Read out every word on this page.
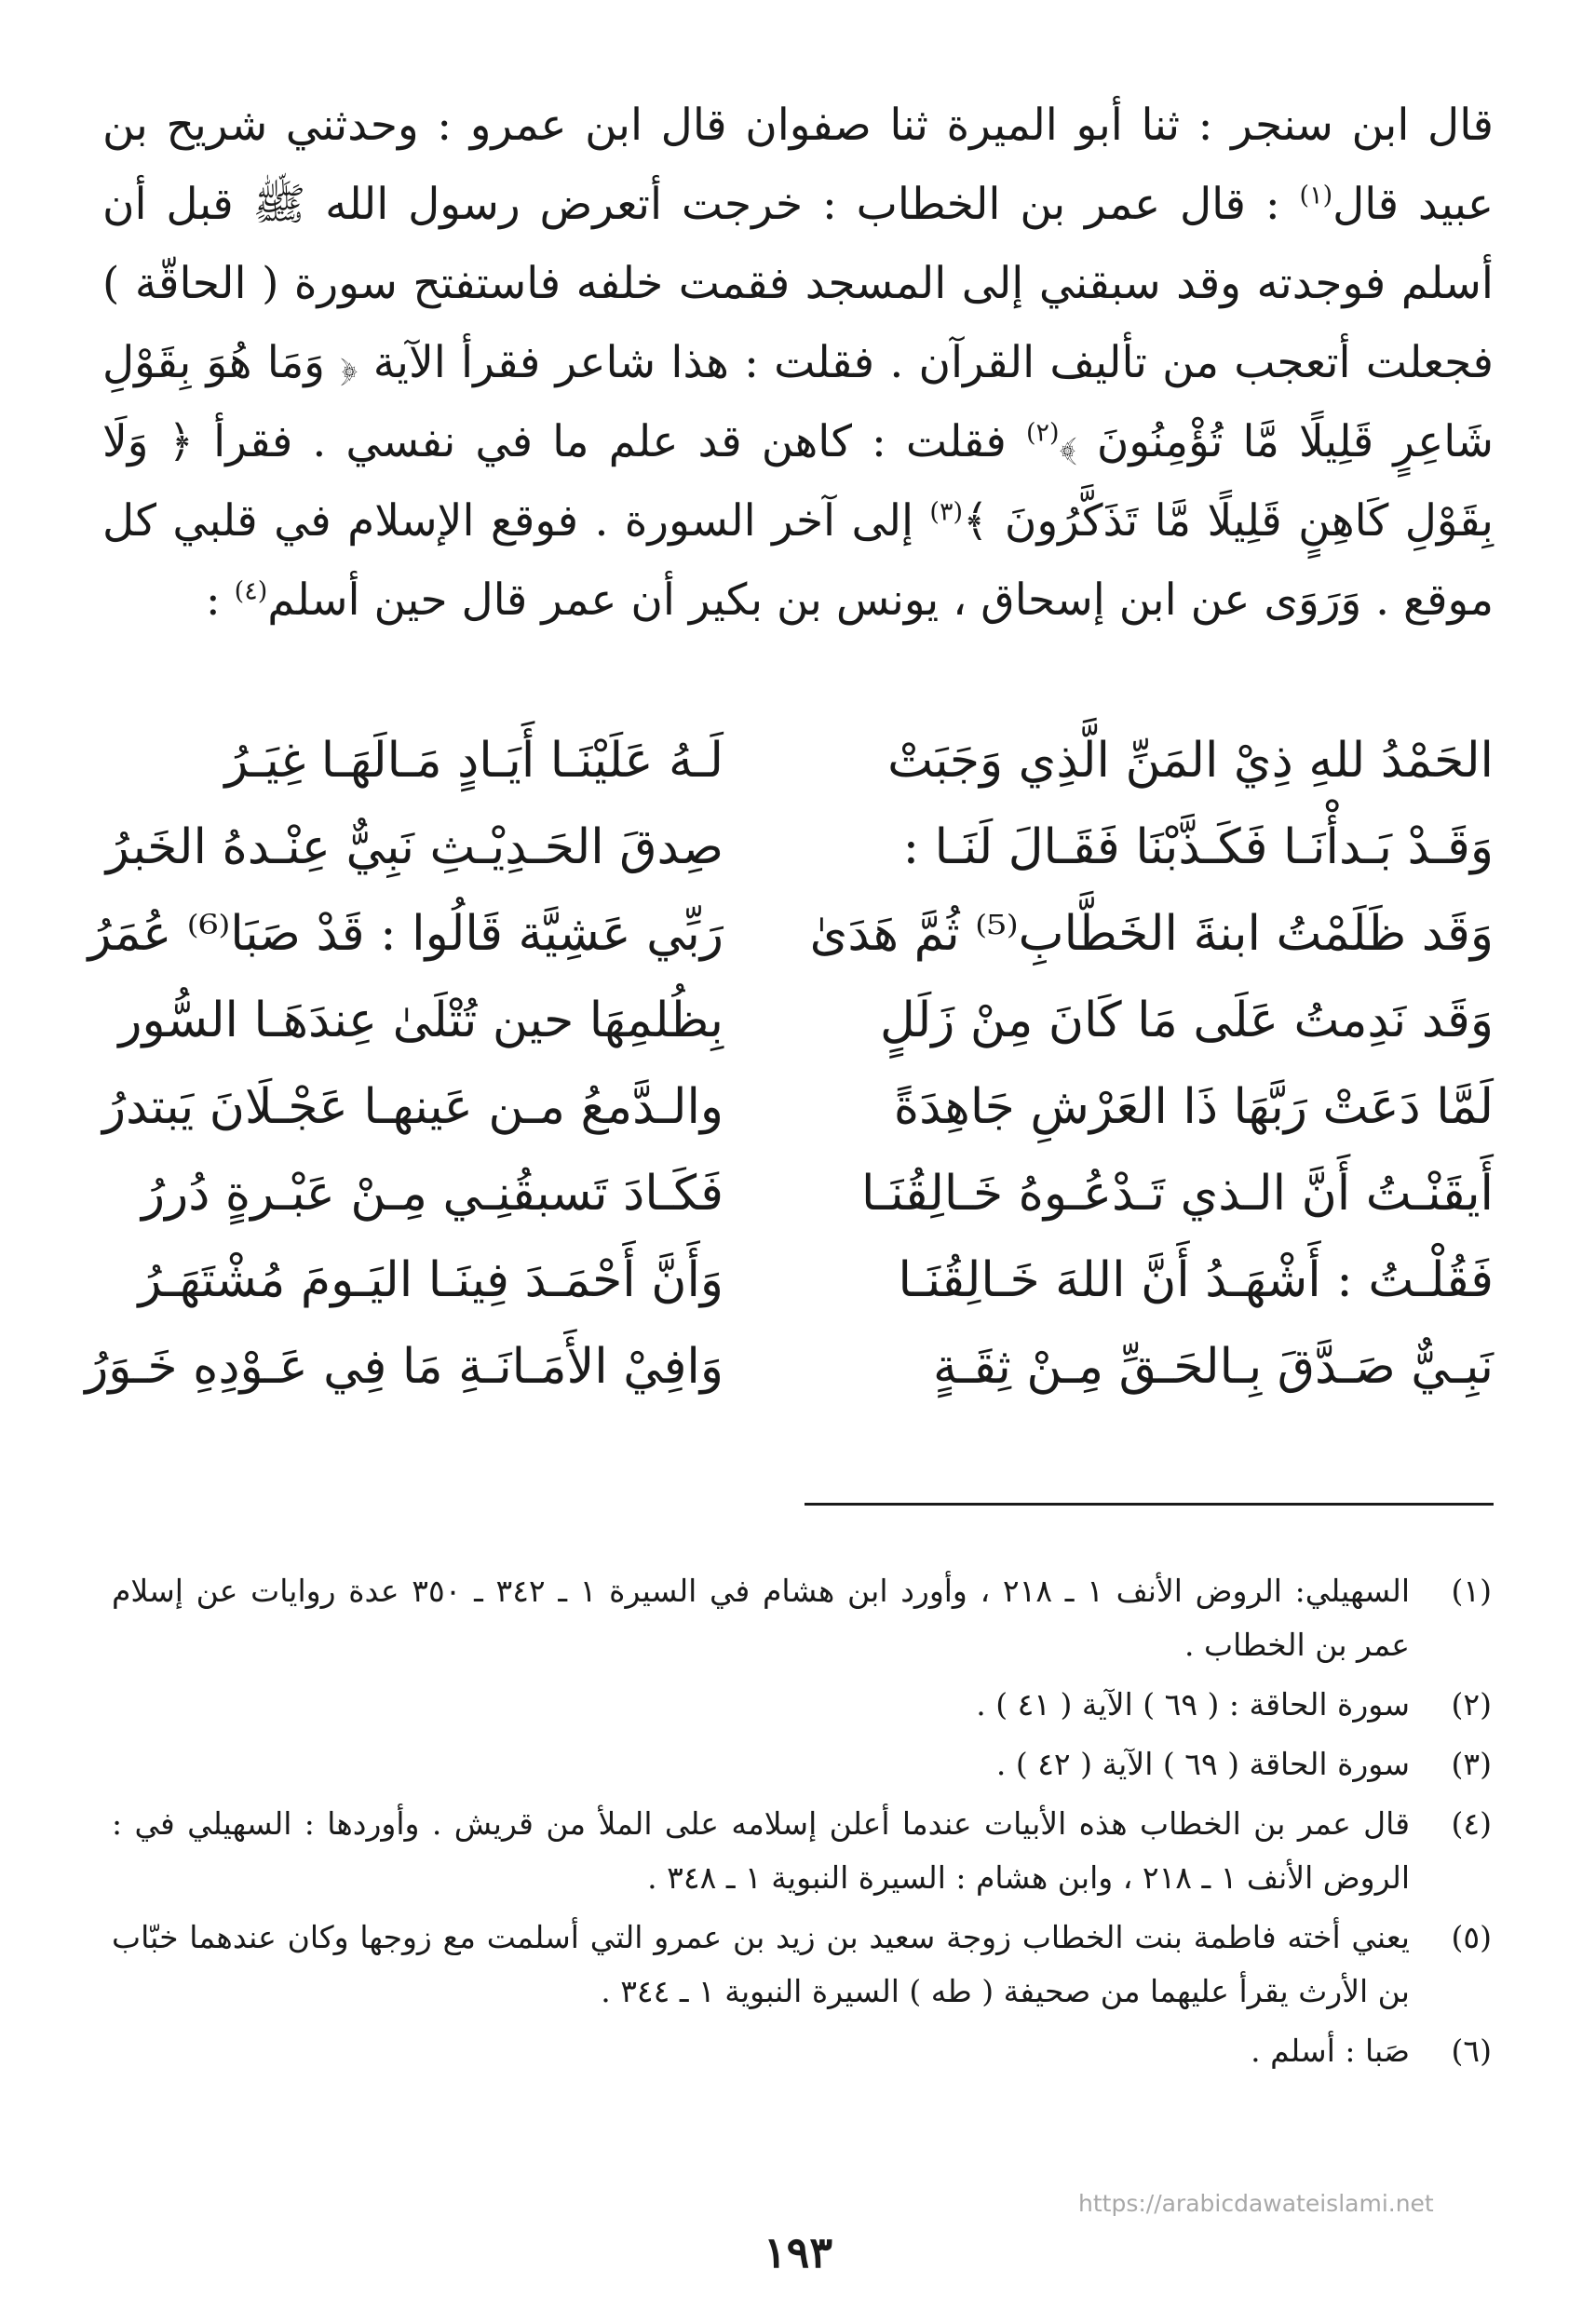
قال ابن سنجر : ثنا أبو الميرة ثنا صفوان قال ابن عمرو : وحدثني شريح بن عبيد قال$^{(١)}$ : قال عمر بن الخطاب : خرجت أتعرض رسول الله ﷺ قبل أن أسلم فوجدته وقد سبقني إلى المسجد فقمت خلفه فاستفتح سورة ( الحاقّة ) فجعلت أتعجب من تأليف القرآن . فقلت : هذا شاعر فقرأ الآية ﴿ وَمَا هُوَ بِقَوْلِ شَاعِرٍ قَلِيلًا مَّا تُؤْمِنُونَ ﴾$^{(٢)}$ فقلت : كاهن قد علم ما في نفسي . فقرأ ﴿ وَلَا بِقَوْلِ كَاهِنٍ قَلِيلًا مَّا تَذَكَّرُونَ ﴾$^{(٣)}$ إلى آخر السورة . فوقع الإسلام في قلبي كل موقع . وَرَوَى عن ابن إسحاق ، يونس بن بكير أن عمر قال حين أسلم$^{(٤)}$ :

الحَمْدُ للهِ ذِيْ المَنِّ الَّذِي وَجَبَتْ
لَـهُ عَلَيْنَـا أَيَـادٍ مَـالَهَـا غِيَـرُ
وَقَـدْ بَـدأْنَـا فَكَـذَّبْنَا فَقَـالَ لَنَـا :
صِدقَ الحَـدِيْـثِ نَبِيٌّ عِنْـدهُ الخَبرُ
وَقَد ظَلَمْتُ ابنةَ الخَطَّابِ⁽⁵⁾ ثُمَّ هَدَىٰ
رَبِّي عَشِيَّة قَالُوا : قَدْ صَبَا⁽⁶⁾ عُمَرُ
وَقَد نَدِمتُ عَلَى مَا كَانَ مِنْ زَلَلٍ
بِظُلمِهَا حين تُتْلَىٰ عِندَهَـا السُّور
لَمَّا دَعَتْ رَبَّهَا ذَا العَرْشِ جَاهِدَةً
والـدَّمعُ مـن عَينهـا عَجْـلَانَ يَبتدرُ
أَيقَنْـتُ أَنَّ الـذي تَـدْعُـوهُ خَـالِقُنَـا
فَكَـادَ تَسبقُنِـي مِـنْ عَبْـرةٍ دُررُ
فَقُلْـتُ : أَشْهَـدُ أَنَّ اللهَ خَـالِقُنَـا
وَأَنَّ أَحْمَـدَ فِينَـا اليَـومَ مُشْتَهَـرُ
نَبِـيٌّ صَـدَّقَ بِـالحَـقِّ مِـنْ ثِقَـةٍ
وَافِيْ الأَمَـانَـةِ مَا فِي عَـوْدِهِ خَـوَرُ
(١)
السهيلي: الروض الأنف ١ ـ ٢١٨ ، وأورد ابن هشام في السيرة ١ ـ ٣٤٢ ـ ٣٥٠ عدة روايات عن إسلام عمر بن الخطاب .
(٢)
سورة الحاقة : ( ٦٩ ) الآية ( ٤١ ) .
(٣)
سورة الحاقة ( ٦٩ ) الآية ( ٤٢ ) .
(٤)
قال عمر بن الخطاب هذه الأبيات عندما أعلن إسلامه على الملأ من قريش . وأوردها : السهيلي في : الروض الأنف ١ ـ ٢١٨ ، وابن هشام : السيرة النبوية ١ ـ ٣٤٨ .
(٥)
يعني أخته فاطمة بنت الخطاب زوجة سعيد بن زيد بن عمرو التي أسلمت مع زوجها وكان عندهما خبّاب بن الأرث يقرأ عليهما من صحيفة ( طه ) السيرة النبوية ١ ـ ٣٤٤ .
(٦)
صَبا : أسلم .
https://arabicdawateislami.net
١٩٣
